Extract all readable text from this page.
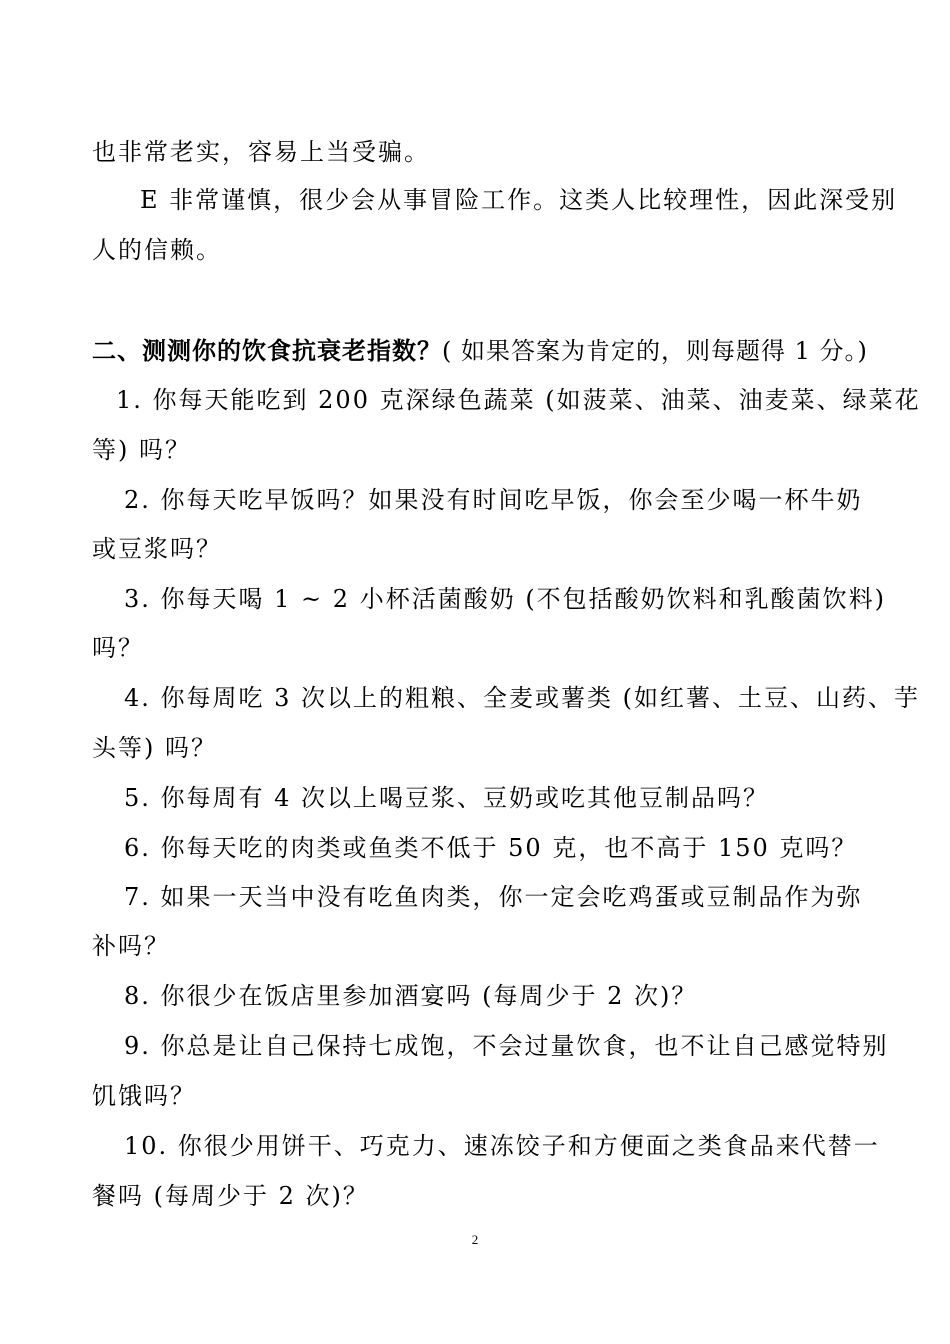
也非常老实，容易上当受骗。
E 非常谨慎，很少会从事冒险工作。这类人比较理性，因此深受别
人的信赖。
二、测测你的饮食抗衰老指数？( 如果答案为肯定的，则每题得 1 分。)
1. 你每天能吃到 200 克深绿色蔬菜 (如菠菜、油菜、油麦菜、绿菜花
等) 吗？
2. 你每天吃早饭吗？如果没有时间吃早饭，你会至少喝一杯牛奶
或豆浆吗？
3. 你每天喝 1 ~ 2 小杯活菌酸奶 (不包括酸奶饮料和乳酸菌饮料)
吗？
4. 你每周吃 3 次以上的粗粮、全麦或薯类 (如红薯、土豆、山药、芋
头等) 吗？
5. 你每周有 4 次以上喝豆浆、豆奶或吃其他豆制品吗？
6. 你每天吃的肉类或鱼类不低于 50 克，也不高于 150 克吗？
7. 如果一天当中没有吃鱼肉类，你一定会吃鸡蛋或豆制品作为弥
补吗？
8. 你很少在饭店里参加酒宴吗 (每周少于 2 次)？
9. 你总是让自己保持七成饱，不会过量饮食，也不让自己感觉特别
饥饿吗？
10. 你很少用饼干、巧克力、速冻饺子和方便面之类食品来代替一
餐吗 (每周少于 2 次)？
2
